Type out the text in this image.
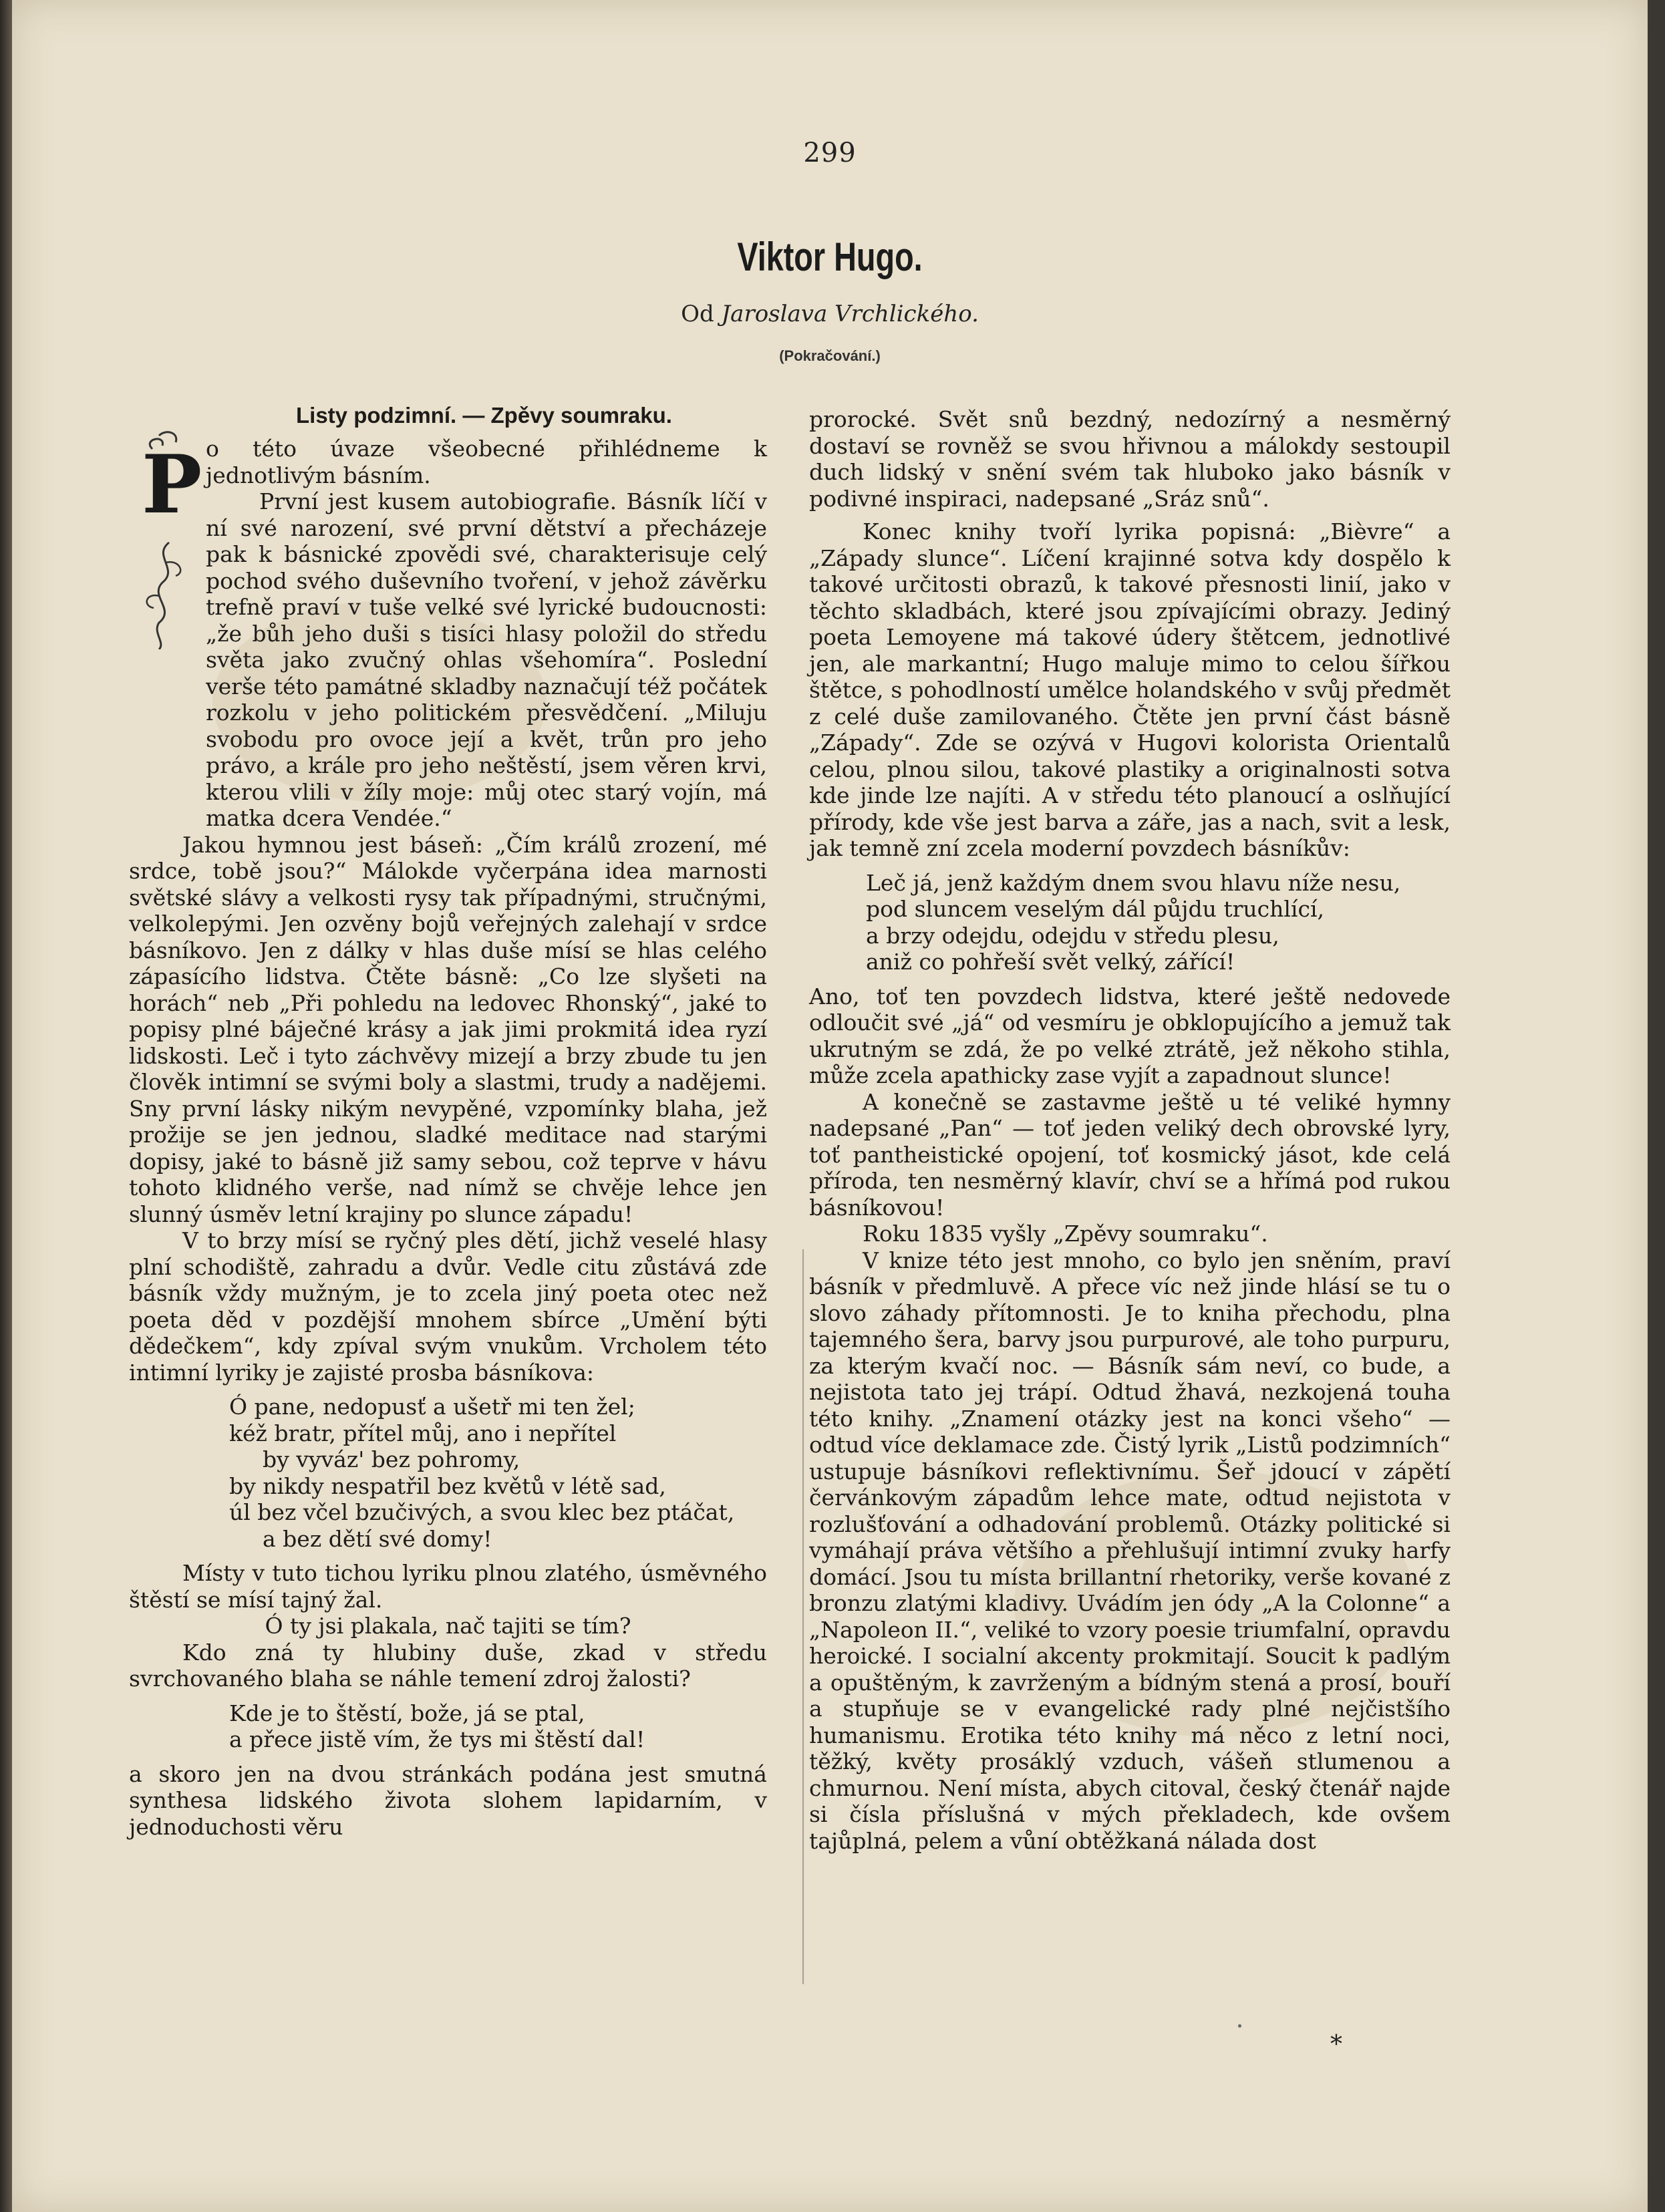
299
Viktor Hugo.
Od Jaroslava Vrchlického.
(Pokračování.)
Listy podzimní. — Zpěvy soumraku.
P o této úvaze všeobecné přihlédneme k jednotlivým básním.

První jest kusem autobiografie. Básník líčí v ní své narození, své první dětství a přecházeje pak k básnické zpovědi své, charakterisuje celý pochod svého duševního tvoření, v jehož závěrku trefně praví v tuše velké své lyrické budoucnosti: „že bůh jeho duši s tisíci hlasy položil do středu světa jako zvučný ohlas všehomíra“. Poslední verše této památné skladby naznačují též počátek rozkolu v jeho politickém přesvědčení. „Miluju svobodu pro ovoce její a květ, trůn pro jeho právo, a krále pro jeho neštěstí, jsem věren krvi, kterou vlili v žíly moje: můj otec starý vojín, má matka dcera Vendée.“

Jakou hymnou jest báseň: „Čím králů zrození, mé srdce, tobě jsou?“ Málokde vyčerpána idea marnosti světské slávy a velkosti rysy tak případnými, stručnými, velkolepými. Jen ozvěny bojů veřejných zalehají v srdce básníkovo. Jen z dálky v hlas duše mísí se hlas celého zápasícího lidstva. Čtěte básně: „Co lze slyšeti na horách“ neb „Při pohledu na ledovec Rhonský“, jaké to popisy plné báječné krásy a jak jimi prokmitá idea ryzí lidskosti. Leč i tyto záchvěvy mizejí a brzy zbude tu jen člověk intimní se svými boly a slastmi, trudy a nadějemi. Sny první lásky nikým nevypěné, vzpomínky blaha, jež prožije se jen jednou, sladké meditace nad starými dopisy, jaké to básně již samy sebou, což teprve v hávu tohoto klidného verše, nad nímž se chvěje lehce jen slunný úsměv letní krajiny po slunce západu!

V to brzy mísí se ryčný ples dětí, jichž veselé hlasy plní schodiště, zahradu a dvůr. Vedle citu zůstává zde básník vždy mužným, je to zcela jiný poeta otec než poeta děd v pozdější mnohem sbírce „Umění býti dědečkem“, kdy zpíval svým vnukům. Vrcholem této intimní lyriky je zajisté prosba básníkova:

Ó pane, nedopusť a ušetř mi ten žel;
kéž bratr, přítel můj, ano i nepřítel
by vyváz' bez pohromy,
by nikdy nespatřil bez květů v létě sad,
úl bez včel bzučivých, a svou klec bez ptáčat,
a bez dětí své domy!

Místy v tuto tichou lyriku plnou zlatého, úsměvného štěstí se mísí tajný žal.

Ó ty jsi plakala, nač tajiti se tím?

Kdo zná ty hlubiny duše, zkad v středu svrchovaného blaha se náhle temení zdroj žalosti?

Kde je to štěstí, bože, já se ptal,
a přece jistě vím, že tys mi štěstí dal!

a skoro jen na dvou stránkách podána jest smutná synthesa lidského života slohem lapidarním, v jednoduchosti věru

prorocké. Svět snů bezdný, nedozírný a nesměrný dostaví se rovněž se svou hřivnou a málokdy sestoupil duch lidský v snění svém tak hluboko jako básník v podivné inspiraci, nadepsané „Sráz snů“.

Konec knihy tvoří lyrika popisná: „Bièvre“ a „Západy slunce“. Líčení krajinné sotva kdy dospělo k takové určitosti obrazů, k takové přesnosti linií, jako v těchto skladbách, které jsou zpívajícími obrazy. Jediný poeta Lemoyene má takové údery štětcem, jednotlivé jen, ale markantní; Hugo maluje mimo to celou šířkou štětce, s pohodlností umělce holandského v svůj předmět z celé duše zamilovaného. Čtěte jen první část básně „Západy“. Zde se ozývá v Hugovi kolorista Orientalů celou, plnou silou, takové plastiky a originalnosti sotva kde jinde lze najíti. A v středu této planoucí a oslňující přírody, kde vše jest barva a záře, jas a nach, svit a lesk, jak temně zní zcela moderní povzdech básníkův:

Leč já, jenž každým dnem svou hlavu níže nesu,
pod sluncem veselým dál půjdu truchlící,
a brzy odejdu, odejdu v středu plesu,
aniž co pohřeší svět velký, zářící!

Ano, toť ten povzdech lidstva, které ještě nedovede odloučit své „já“ od vesmíru je obklopujícího a jemuž tak ukrutným se zdá, že po velké ztrátě, jež někoho stihla, může zcela apathicky zase vyjít a zapadnout slunce!

A konečně se zastavme ještě u té veliké hymny nadepsané „Pan“ — toť jeden veliký dech obrovské lyry, toť pantheistické opojení, toť kosmický jásot, kde celá příroda, ten nesměrný klavír, chví se a hřímá pod rukou básníkovou!

Roku 1835 vyšly „Zpěvy soumraku“.

V knize této jest mnoho, co bylo jen sněním, praví básník v předmluvě. A přece víc než jinde hlásí se tu o slovo záhady přítomnosti. Je to kniha přechodu, plna tajemného šera, barvy jsou purpurové, ale toho purpuru, za kterým kvačí noc. — Básník sám neví, co bude, a nejistota tato jej trápí. Odtud žhavá, nezkojená touha této knihy. „Znamení otázky jest na konci všeho“ — odtud více deklamace zde. Čistý lyrik „Listů podzimních“ ustupuje básníkovi reflektivnímu. Šeř jdoucí v zápětí červánkovým západům lehce mate, odtud nejistota v rozlušťování a odhadování problemů. Otázky politické si vymáhají práva většího a přehlušují intimní zvuky harfy domácí. Jsou tu místa brillantní rhetoriky, verše kované z bronzu zlatými kladivy. Uvádím jen ódy „A la Colonne“ a „Napoleon II.“, veliké to vzory poesie triumfalní, opravdu heroické. I socialní akcenty prokmitají. Soucit k padlým a opuštěným, k zavrženým a bídným stená a prosí, bouří a stupňuje se v evangelické rady plné nejčistšího humanismu. Erotika této knihy má něco z letní noci, těžký, květy prosáklý vzduch, vášeň stlumenou a chmurnou. Není místa, abych citoval, český čtenář najde si čísla příslušná v mých překladech, kde ovšem tajůplná, pelem a vůní obtěžkaná nálada dost

*
